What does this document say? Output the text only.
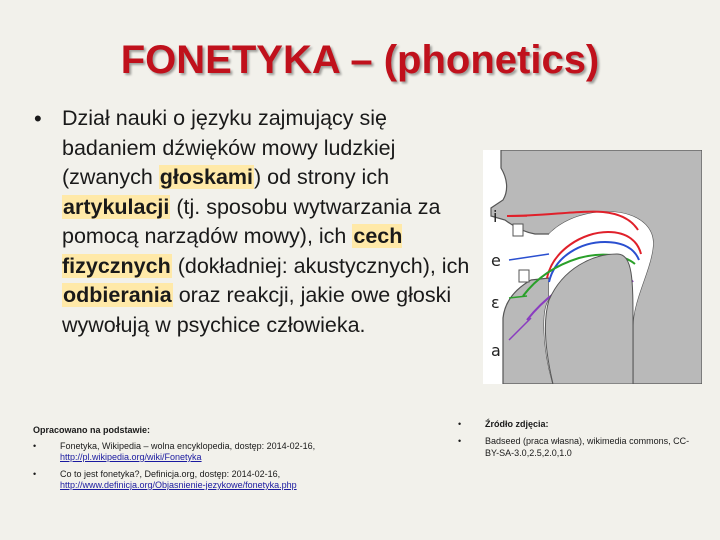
FONETYKA – (phonetics)
• Dział nauki o języku zajmujący się badaniem dźwięków mowy ludzkiej (zwanych głoskami) od strony ich artykulacji (tj. sposobu wytwarzania za pomocą narządów mowy), ich cech fizycznych (dokładniej: akustycznych), ich odbierania oraz reakcji, jakie owe głoski wywołują w psychice człowieka.
i
e
ɛ
a
Opracowano na podstawie:
•	Fonetyka, Wikipedia – wolna encyklopedia, dostęp: 2014-02-16,
http://pl.wikipedia.org/wiki/Fonetyka
•	Co to jest fonetyka?, Definicja.org, dostęp: 2014-02-16,
http://www.definicja.org/Objasnienie-jezykowe/fonetyka.php
•	Źródło zdjęcia:
•	Badseed (praca własna), wikimedia commons, CC-BY-SA-3.0,2.5,2.0,1.0
